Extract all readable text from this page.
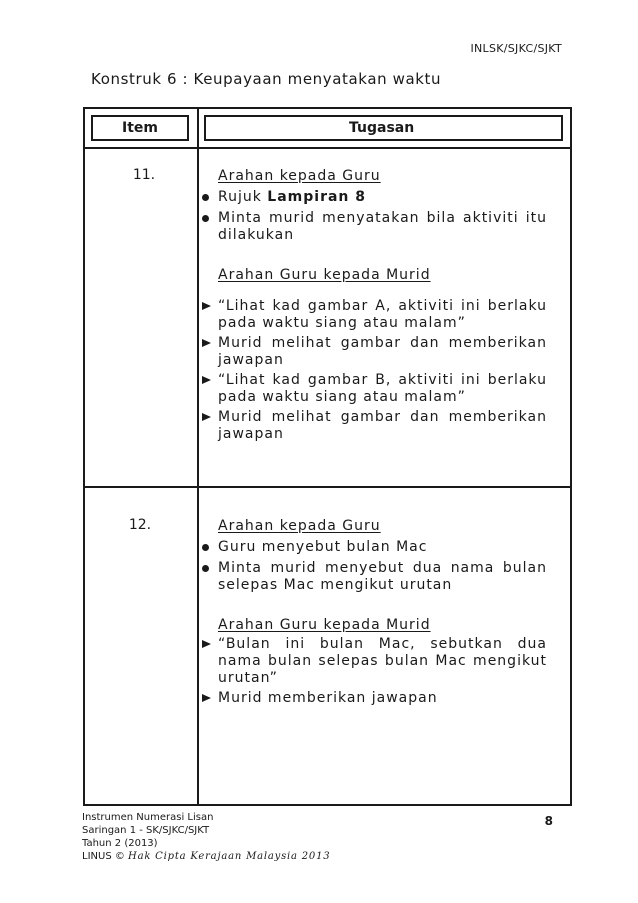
INLSK/SJKC/SJKT
Konstruk 6 : Keupayaan menyatakan waktu
Item	Tugasan
11.	Arahan kepada Guru
Rujuk Lampiran 8
Minta murid menyatakan bila aktiviti itu dilakukan
Arahan Guru kepada Murid
“Lihat kad gambar A, aktiviti ini berlaku pada waktu siang atau malam”
Murid melihat gambar dan memberikan jawapan
“Lihat kad gambar B, aktiviti ini berlaku pada waktu siang atau malam”
Murid melihat gambar dan memberikan jawapan
12.	Arahan kepada Guru
Guru menyebut bulan Mac
Minta murid menyebut dua nama bulan selepas Mac mengikut urutan
Arahan Guru kepada Murid
“Bulan ini bulan Mac, sebutkan dua nama bulan selepas bulan Mac mengikut urutan”
Murid memberikan jawapan
Instrumen Numerasi Lisan
Saringan 1 - SK/SJKC/SJKT
Tahun 2 (2013)
LINUS © Hak Cipta Kerajaan Malaysia 2013
8
